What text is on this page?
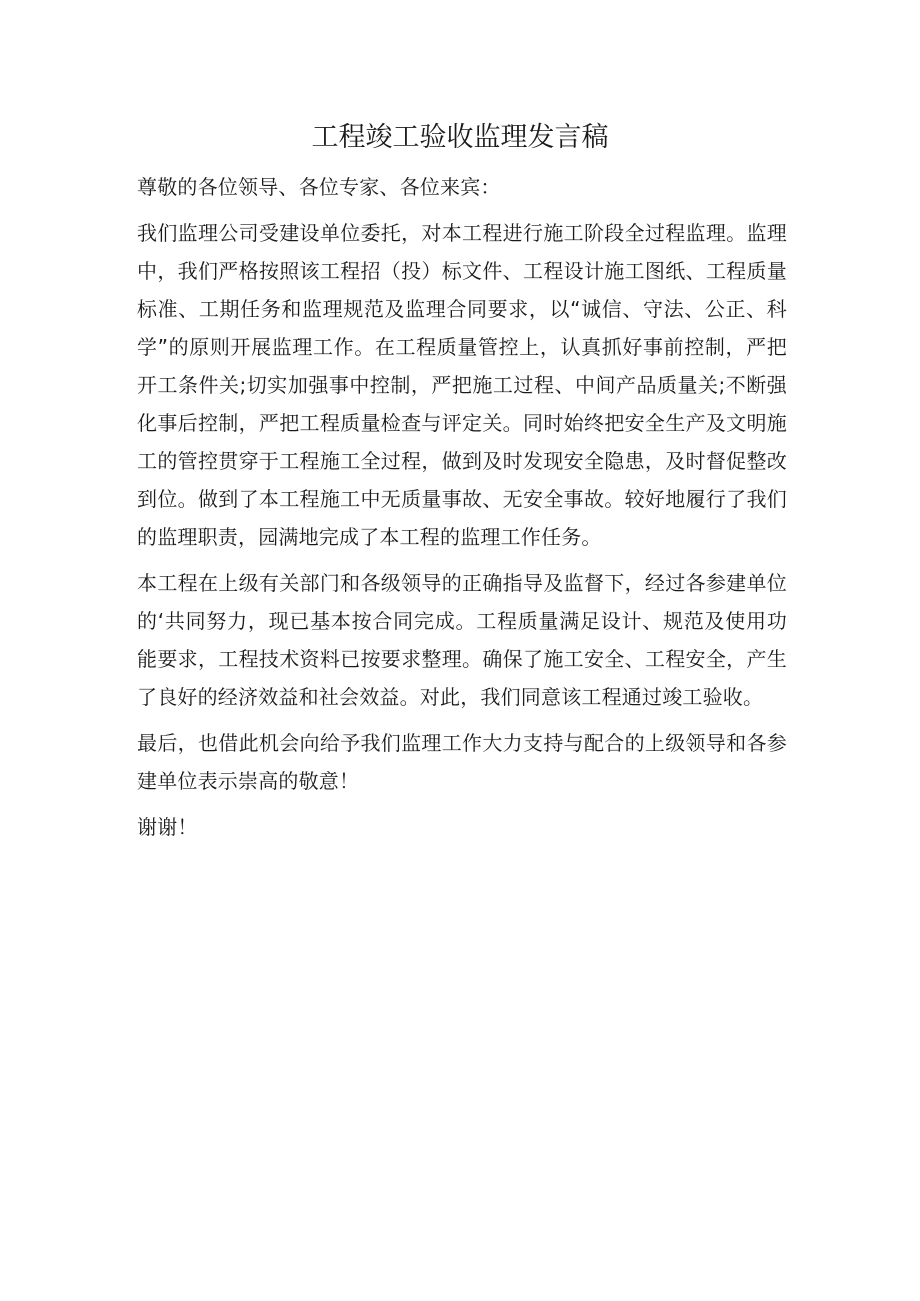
工程竣工验收监理发言稿

尊敬的各位领导、各位专家、各位来宾：

我们监理公司受建设单位委托，对本工程进行施工阶段全过程监理。监理中，我们严格按照该工程招（投）标文件、工程设计施工图纸、工程质量标准、工期任务和监理规范及监理合同要求，以“诚信、守法、公正、科学”的原则开展监理工作。在工程质量管控上，认真抓好事前控制，严把开工条件关;切实加强事中控制，严把施工过程、中间产品质量关;不断强化事后控制，严把工程质量检查与评定关。同时始终把安全生产及文明施工的管控贯穿于工程施工全过程，做到及时发现安全隐患，及时督促整改到位。做到了本工程施工中无质量事故、无安全事故。较好地履行了我们的监理职责，园满地完成了本工程的监理工作任务。

本工程在上级有关部门和各级领导的正确指导及监督下，经过各参建单位的‘共同努力，现已基本按合同完成。工程质量满足设计、规范及使用功能要求，工程技术资料已按要求整理。确保了施工安全、工程安全，产生了良好的经济效益和社会效益。对此，我们同意该工程通过竣工验收。

最后，也借此机会向给予我们监理工作大力支持与配合的上级领导和各参建单位表示崇高的敬意！

谢谢！
